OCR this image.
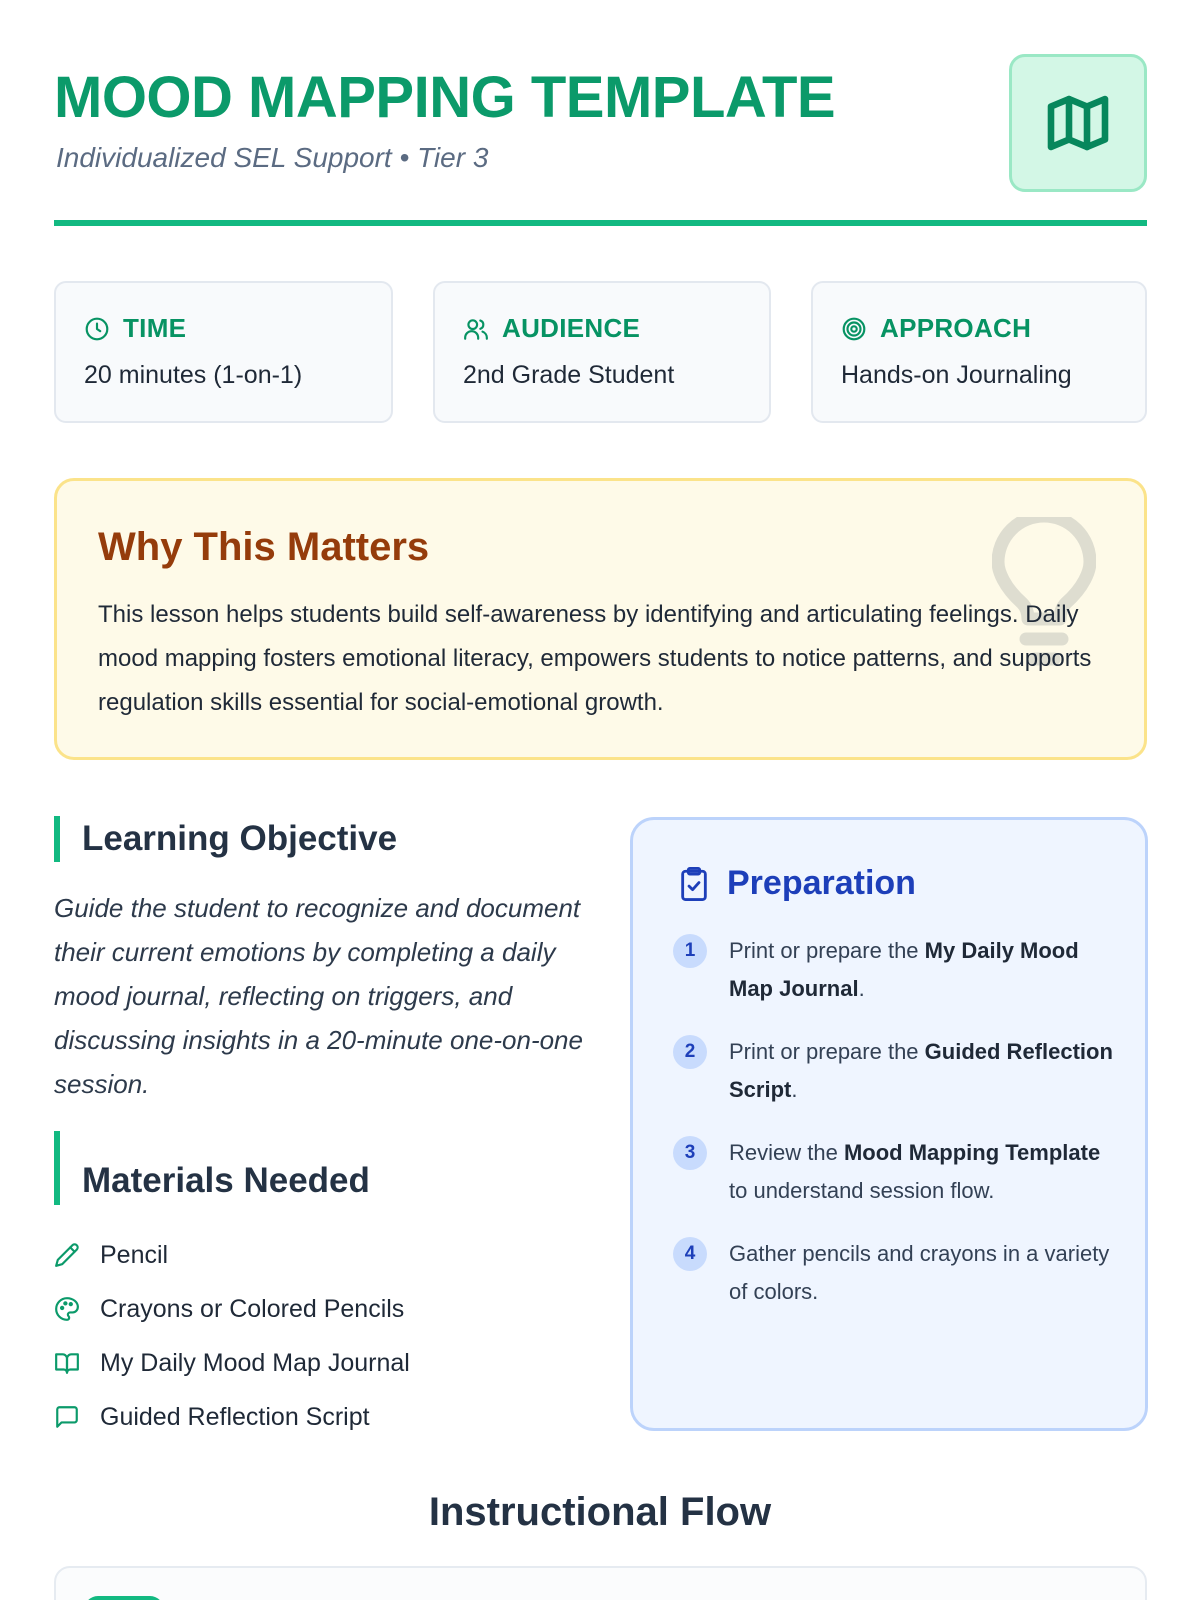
MOOD MAPPING TEMPLATE
Individualized SEL Support • Tier 3
TIME
20 minutes (1-on-1)
AUDIENCE
2nd Grade Student
APPROACH
Hands-on Journaling
Why This Matters

This lesson helps students build self-awareness by identifying and articulating feelings. Daily mood mapping fosters emotional literacy, empowers students to notice patterns, and supports regulation skills essential for social-emotional growth.

Learning Objective
Guide the student to recognize and document their current emotions by completing a daily mood journal, reflecting on triggers, and discussing insights in a 20-minute one-on-one session.
Materials Needed
Pencil
Crayons or Colored Pencils
My Daily Mood Map Journal
Guided Reflection Script
Preparation
1	Print or prepare the My Daily Mood Map Journal.
2	Print or prepare the Guided Reflection Script.
3	Review the Mood Mapping Template to understand session flow.
4	Gather pencils and crayons in a variety of colors.
Instructional Flow
